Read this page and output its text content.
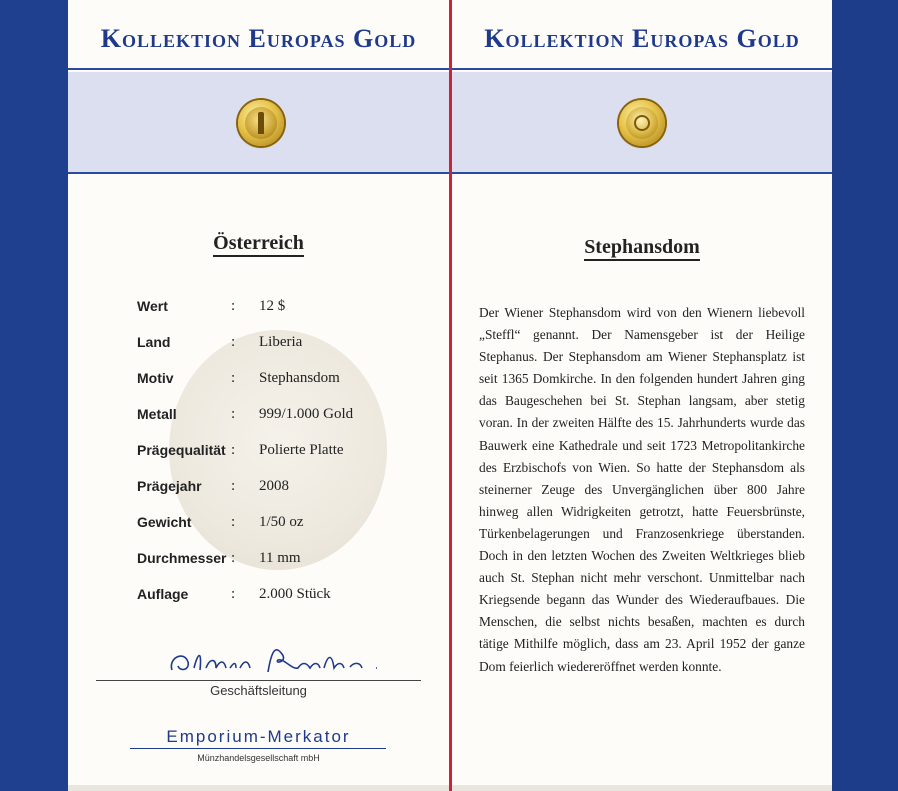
Kollektion Europas Gold
Österreich
Wert	: 12 $
Land	: Liberia
Motiv	: Stephansdom
Metall	: 999/1.000 Gold
Prägequalität : Polierte Platte
Prägejahr : 2008
Gewicht	: 1/50 oz
Durchmesser : 11 mm
Auflage	: 2.000 Stück
Geschäftsleitung
Emporium-Merkator
Münzhandelsgesellschaft mbH
Kollektion Europas Gold
Stephansdom
Der Wiener Stephansdom wird von den Wienern liebevoll „Steffl“ genannt. Der Namensgeber ist der Heilige Stephanus. Der Stephansdom am Wiener Stephansplatz ist seit 1365 Domkirche. In den folgenden hundert Jahren ging das Baugeschehen bei St. Stephan langsam, aber stetig voran. In der zweiten Hälfte des 15. Jahrhunderts wurde das Bauwerk eine Kathedrale und seit 1723 Metropolitankirche des Erzbischofs von Wien. So hatte der Stephansdom als steinerner Zeuge des Unvergänglichen über 800 Jahre hinweg allen Widrigkeiten getrotzt, hatte Feuersbrünste, Türkenbelagerungen und Franzosenkriege überstanden. Doch in den letzten Wochen des Zweiten Weltkrieges blieb auch St. Stephan nicht mehr verschont. Unmittelbar nach Kriegsende begann das Wunder des Wiederaufbaues. Die Menschen, die selbst nichts besaßen, machten es durch tätige Mithilfe möglich, dass am 23. April 1952 der ganze Dom feierlich wiedereröffnet werden konnte.
